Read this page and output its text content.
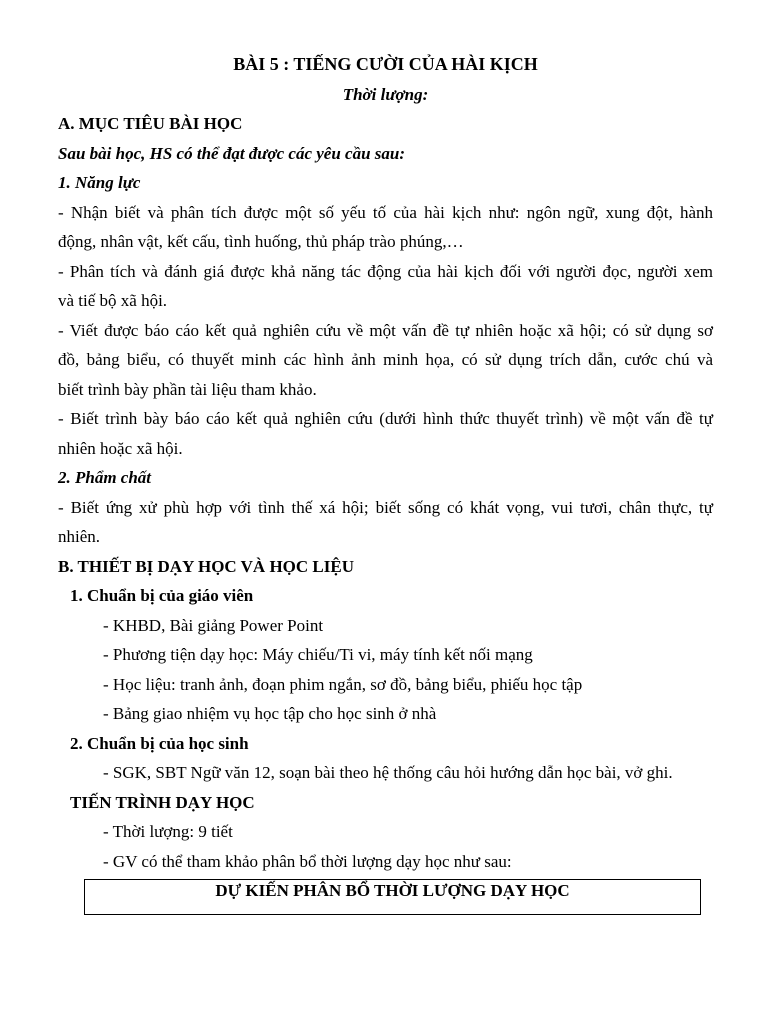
BÀI 5 : TIẾNG CƯỜI CỦA HÀI KỊCH
Thời lượng:
A. MỤC TIÊU BÀI HỌC
Sau bài học, HS có thể đạt được các yêu cầu sau:
1. Năng lực
- Nhận biết và phân tích được một số yếu tố của hài kịch như: ngôn ngữ, xung đột, hành
động, nhân vật, kết cấu, tình huống, thủ pháp trào phúng,…
- Phân tích và đánh giá được khả năng tác động của hài kịch đối với người đọc, người xem
và tiế bộ xã hội.
- Viết được báo cáo kết quả nghiên cứu về một vấn đề tự nhiên hoặc xã hội; có sử dụng sơ
đồ, bảng biểu, có thuyết minh các hình ảnh minh họa, có sử dụng trích dẫn, cước chú và
biết trình bày phần tài liệu tham khảo.
- Biết trình bày báo cáo kết quả nghiên cứu (dưới hình thức thuyết trình) về một vấn đề tự
nhiên hoặc xã hội.
2. Phẩm chất
- Biết ứng xử phù hợp với tình thế xá hội; biết sống có khát vọng, vui tươi, chân thực, tự
nhiên.
B. THIẾT BỊ DẠY HỌC VÀ HỌC LIỆU
1. Chuẩn bị của giáo viên
- KHBD, Bài giảng Power Point
- Phương tiện dạy học: Máy chiếu/Ti vi, máy tính kết nối mạng
- Học liệu: tranh ảnh, đoạn phim ngắn, sơ đồ, bảng biểu, phiếu học tập
- Bảng giao nhiệm vụ học tập cho học sinh ở nhà
2. Chuẩn bị của học sinh
- SGK, SBT Ngữ văn 12, soạn bài theo hệ thống câu hỏi hướng dẫn học bài, vở ghi.
TIẾN TRÌNH DẠY HỌC
- Thời lượng: 9 tiết
- GV có thể tham khảo phân bổ thời lượng dạy học như sau:
DỰ KIẾN PHÂN BỔ THỜI LƯỢNG DẠY HỌC
